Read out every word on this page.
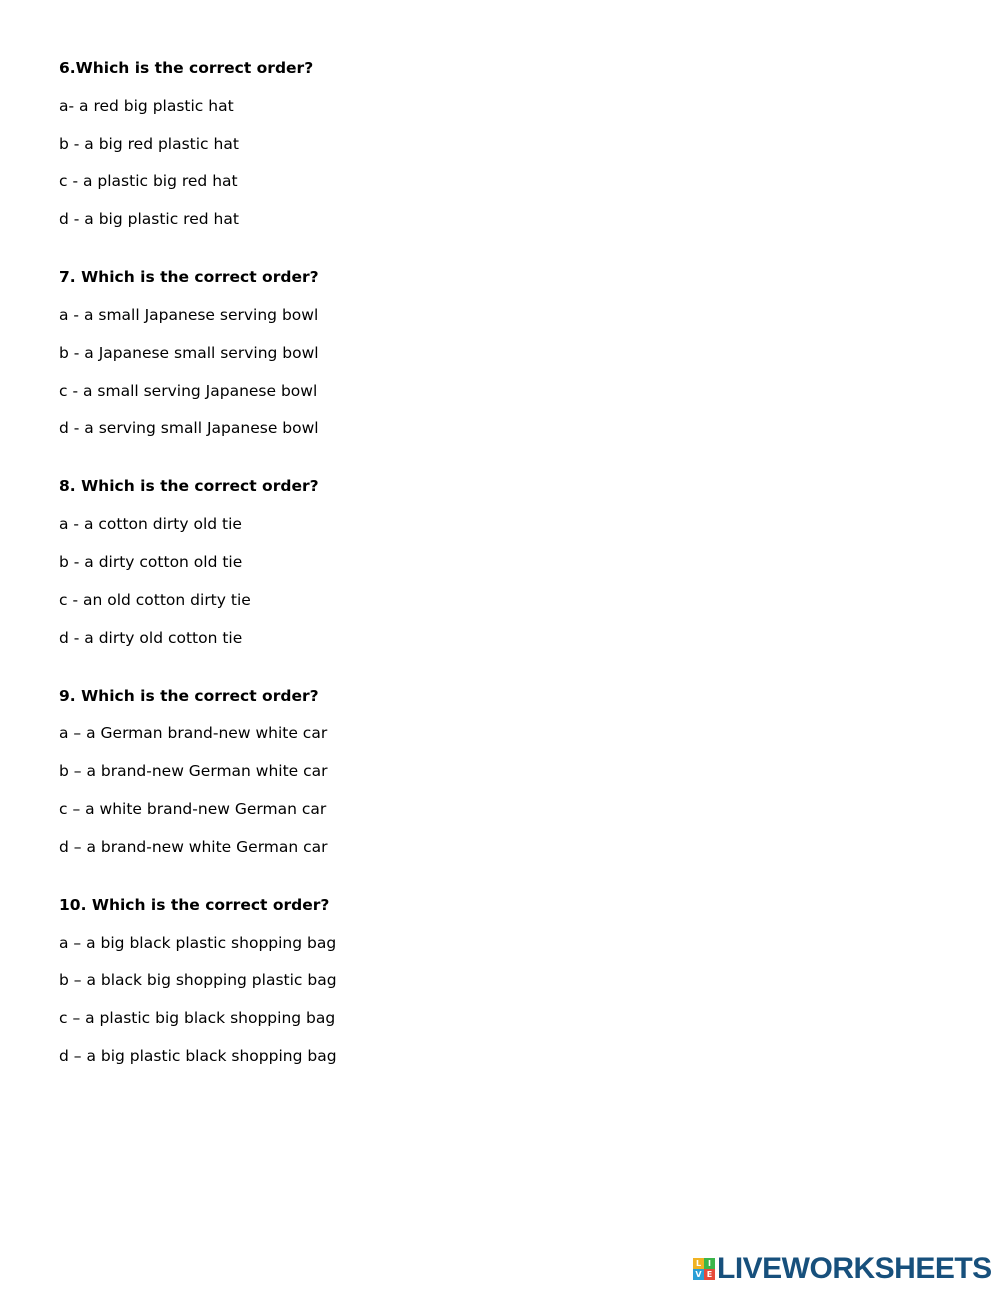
6.Which is the correct order?
a- a red big plastic hat
b - a big red plastic hat
c - a plastic big red hat
d - a big plastic red hat
7. Which is the correct order?
a - a small Japanese serving bowl
b - a Japanese small serving bowl
c - a small serving Japanese bowl
d - a serving small Japanese bowl
8. Which is the correct order?
a - a cotton dirty old tie
b - a dirty cotton old tie
c - an old cotton dirty tie
d - a dirty old cotton tie
9. Which is the correct order?
a – a German brand-new white car
b – a brand-new German white car
c – a white brand-new German car
d – a brand-new white German car
10. Which is the correct order?
a – a big black plastic shopping bag
b – a black big shopping plastic bag
c – a plastic big black shopping bag
d – a big plastic black shopping bag
L I
V E LIVEWORKSHEETS
